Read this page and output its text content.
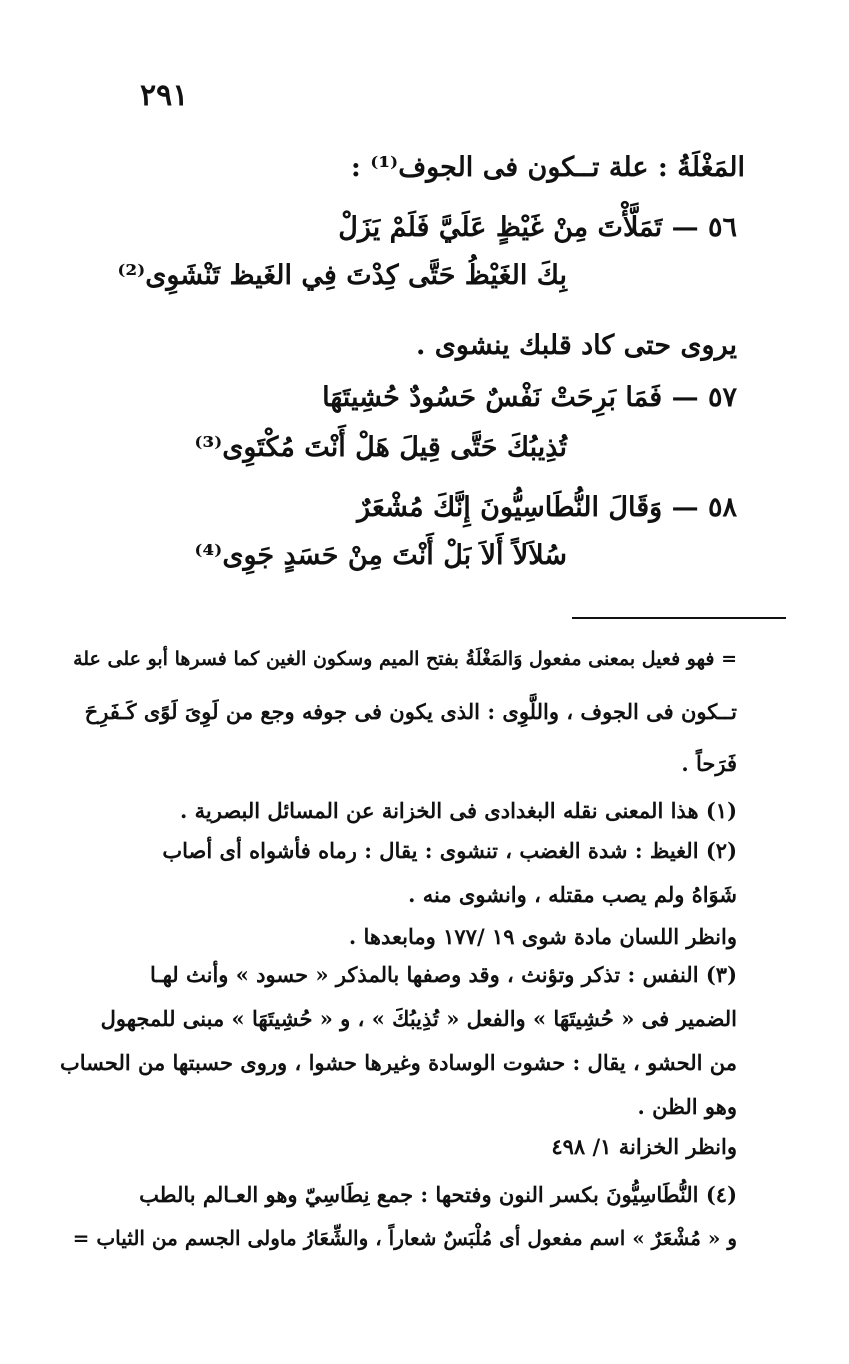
٢٩١
المَغْلَةُ : علة تــكون فى الجوف⁽¹⁾ :
٥٦ — تَمَلَّأْتَ مِنْ غَيْظٍ عَلَيَّ فَلَمْ يَزَلْ
بِكَ الغَيْظُ حَتَّى كِدْتَ فِي الغَيظ تَنْشَوِى⁽²⁾
يروى حتى كاد قلبك ينشوى .
٥٧ — فَمَا بَرِحَتْ نَفْسٌ حَسُودٌ حُشِيتَهَا
تُذِيبُكَ حَتَّى قِيلَ هَلْ أَنْتَ مُكْتَوِى⁽³⁾
٥٨ — وَقَالَ النُّطَاسِيُّونَ إِنَّكَ مُشْعَرٌ
سُلاَلاً أَلاَ بَلْ أَنْتَ مِنْ حَسَدٍ جَوِى⁽⁴⁾
= فهو فعيل بمعنى مفعول وَالمَغْلَةُ بفتح الميم وسكون الغين كما فسرها أبو على علة
تــكون فى الجوف ، واللَّوِى : الذى يكون فى جوفه وجع من لَوِىَ لَوًى كَـفَرِحَ
فَرَحاً .
(١) هذا المعنى نقله البغدادى فى الخزانة عن المسائل البصرية .
(٢) الغيظ : شدة الغضب ، تنشوى : يقال : رماه فأشواه أى أصاب
شَوَاهُ ولم يصب مقتله ، وانشوى منه .
وانظر اللسان مادة شوى ١٩ /١٧٧ ومابعدها .
(٣) النفس : تذكر وتؤنث ، وقد وصفها بالمذكر « حسود » وأنث لهـا
الضمير فى « حُشِيتَهَا » والفعل « تُذِيبُكَ » ، و « حُشِيتَهَا » مبنى للمجهول
من الحشو ، يقال : حشوت الوسادة وغيرها حشوا ، وروى حسبتها من الحساب
وهو الظن .
وانظر الخزانة ١/ ٤٩٨
(٤) النُّطَاسِيُّونَ بكسر النون وفتحها : جمع نِطَاسِيّ وهو العـالم بالطب
و « مُشْعَرٌ » اسم مفعول أى مُلْبَسٌ شعاراً ، والشِّعَارُ ماولى الجسم من الثياب =
